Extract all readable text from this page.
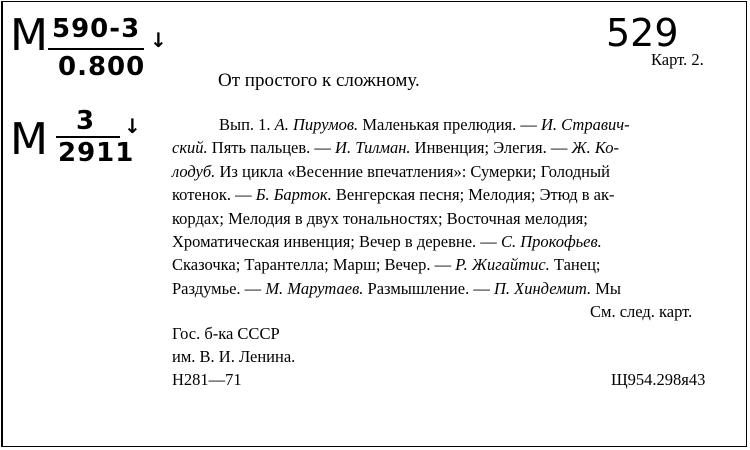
М 590-3
0.800
↓
М 3
2911
↓
529
Карт. 2.
От простого к сложному.
Вып. 1. А. Пирумов. Маленькая прелюдия. — И. Стравич-
ский. Пять пальцев. — И. Тилман. Инвенция; Элегия. — Ж. Ко-
лодуб. Из цикла «Весенние впечатления»: Сумерки; Голодный
котенок. — Б. Барток. Венгерская песня; Мелодия; Этюд в ак-
кордах; Мелодия в двух тональностях; Восточная мелодия;
Хроматическая инвенция; Вечер в деревне. — С. Прокофьев.
Сказочка; Тарантелла; Марш; Вечер. — Р. Жигайтис. Танец;
Раздумье. — М. Марутаев. Размышление. — П. Хиндемит. Мы
См. след. карт.
Гос. б-ка СССР
им. В. И. Ленина.
Н281—71	Щ954.298я43
